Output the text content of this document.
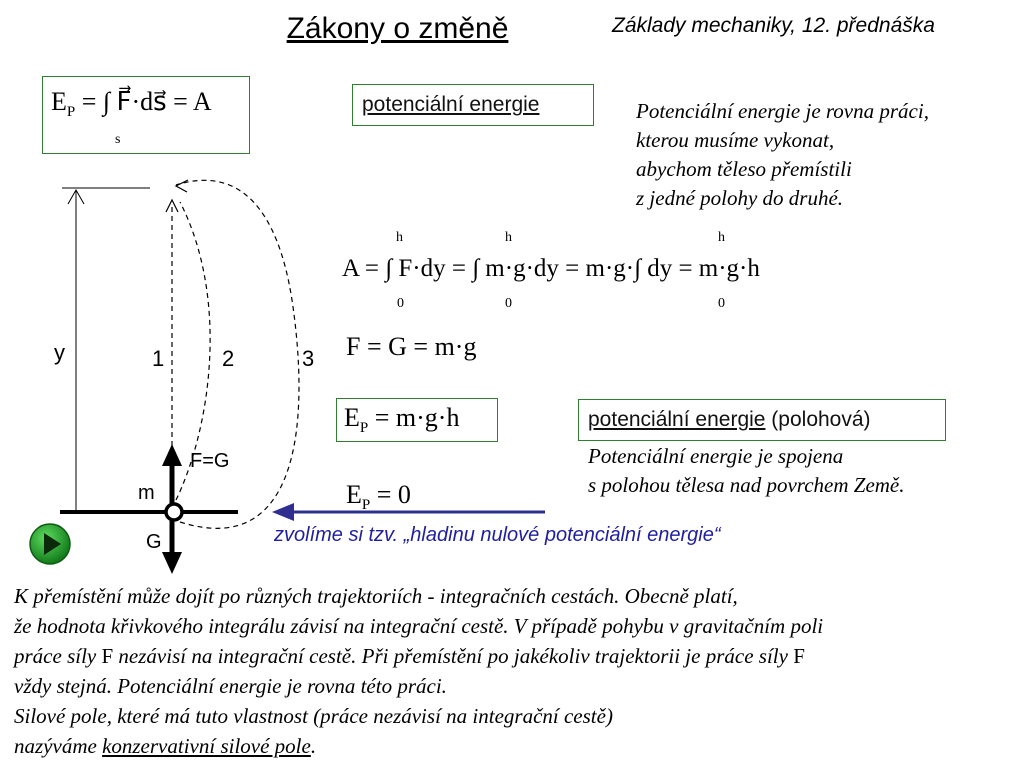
Zákony o změně	Základy mechaniky, 12. přednáška
$E_P$ = ∫ F⃗·ds⃗ = A
s
potenciální energie	Potenciální energie je rovna práci,
kterou musíme vykonat,
abychom těleso přemístili
z jedné polohy do druhé.
A = ∫ F·dy = ∫ m·g·dy = m·g·∫ dy = m·g·h
h
0
h
0
h
0
F = G = m·g
$E_P = m\cdot g\cdot h$	potenciální energie (polohová)
Potenciální energie je spojena
s polohou tělesa nad povrchem Země.
$E_P = 0$
zvolíme si tzv. „hladinu nulové potenciální energie“
y	1	2	3
F=G
m
G
K přemístění může dojít po různých trajektoriích - integračních cestách. Obecně platí,
že hodnota křivkového integrálu závisí na integrační cestě. V případě pohybu v gravitačním poli
práce síly F nezávisí na integrační cestě. Při přemístění po jakékoliv trajektorii je práce síly F
vždy stejná. Potenciální energie je rovna této práci.
Silové pole, které má tuto vlastnost (práce nezávisí na integrační cestě)
nazýváme konzervativní silové pole.
